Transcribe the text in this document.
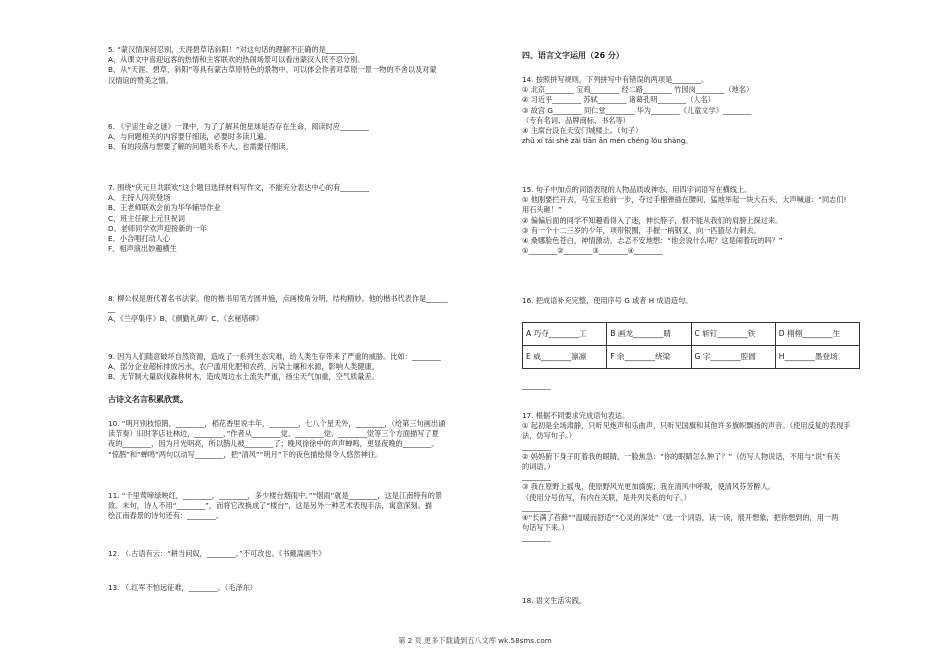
5. “蒙汉情深何忍别，天涯碧草话斜阳！”对这句话的理解不正确的是________
A、从课文中喜迎远客的热情和主客联欢的热闹场景可以看出蒙汉人民不忍分别。
B、从“天涯、碧草、斜阳”等具有蒙古草原特色的景物中，可以体会作者对草原一景一物的不舍以及对蒙
汉情谊的赞美之情。
6. 《宇宙生命之谜》一课中，为了了解其他星球是否存在生命，阅读时应________
A、与问题相关的内容要仔细读，必要时多读几遍。
B、有的段落与想要了解的问题关系不大，也需要仔细读。
7. 围绕“庆元旦共联欢”这个题目选择材料写作文，不能充分表达中心的有________
A、主持人闪亮登场
B、王老师联欢会前为华华辅导作业
C、班主任献上元旦祝词
D、老师同学欢声迎接新的一年
E、小合唱打动人心
F、相声演出妙趣横生
8. 柳公权是唐代著名书法家。他的楷书用笔方圆并施，点画棱角分明，结构精妙。他的楷书代表作是______
__
A、《兰亭集序》B、《颜勤礼碑》C、《玄秘塔碑》
9. 因为人们随意破坏自然资源，造成了一系列生态灾难，给人类生存带来了严重的威胁。比如：________
A、部分企业超标排放污水，农户滥用化肥和农药，污染土壤和水源，影响人类健康。
B、无节制大量砍伐森林树木，造成周边水土流失严重，扬尘天气加重，空气质量差。
古诗文名言积累欣赏。
10. “明月别枝惊鹊，________，稻花香里说丰年，________，七八个星天外，________，（给第三句画出诵
读节奏）旧时茅店社林边，________，”作者从________觉、________觉、________觉等三个方面描写了夏
夜的________，因为月光明亮，所以鹊儿被________了；晚风徐徐中的声声蝉鸣，更显夜晚的________。
“惊鹊”和“蝉鸣”两句以动写________，把“清风”“明月”下的夜色描绘得令人悠然神往。
11. “千里莺啼绿映红，________，________，多少楼台烟雨中。”“烟雨”就是________，这是江南特有的景
致。末句，诗人不用“________”，而将它改换成了“楼台”，这是另外一种艺术表现手法，寓意深刻。描
绘江南春景的诗句还有：________。
12. （.古语有云：“耕当问奴，________。”不可改也。《书戴嵩画牛》
13. （.红军不怕远征难，________。（毛泽东）
四、语言文字运用（26 分）
14. 按照拼写规则，下列拼写中有错误的两项是________。
① 北京________ 宝鸡________ 经二路________ 竹园岗________（地名）
② 习近平________ 苏轼________ 诸葛孔明________（人名）
③ 故宫 G________ 同仁堂________ 华为________《儿童文学》________
（专有名词、品牌商标、书名等）
④ 主席台设在天安门城楼上。（句子）
zhǔ xí tái shè zài tiān ān mén chéng lóu shàng。
15. 句子中加点的词语表现的人物品质或神态，用四字词语写在横线上。
① 他刚要拦开去，马宝玉抢前一步，夺过手榴弹插在腰间，猛地举起一块大石头，大声喊道：“同志们!
用石头砸！”
② 偏偏后面的同学不知趣看得入了迷，伸长脖子，恨不能从我们的肩膀上探过来。
③ 有一个十二三岁的少年，项带银圈，手握一柄钢叉，向一匹猹尽力刺去。
④ 桑娜脸色苍白，神情激动。忐忑不安地想：“他会说什么呢？这是闹着玩的吗？”
①________②________③________④________
16. 把成语补充完整，使用序号 G 或者 H 成语造句。
A 巧夺________工	B 画龙________睛	C 斩钉________铁	D 栩栩________生
E 威________凛凛	F 余________绕梁	G 字________腔圆	H________墨登场
________
17. 根据不同要求完成语句表达。
① 起初是全场肃静，只听见炮声和乐曲声，只听见国旗和其他许多旗帜飘扬的声音。（使用反复的表现手
法，仿写句子。）
________
② 妈妈俯下身子盯着我的眼睛，一脸焦急：“你的眼睛怎么肿了？”（仿写人物说话，不用与“说”有关
的词语。）
________
③ 我在原野上摇曳，使原野风光更加旖旎；我在清风中呼吸，使清风芬芳醉人。
（使用分号仿写，有内在关联，是并列关系的句子。）
________
④“长满了苔藓”“温暖而舒适”“心灵的深处”（选一个词语，读一读，展开想象，把你想到的，用一两
句话写下来。）
________
18. 语文生活实践。
第 2 页 更多下载请到五八文库 wk.58sms.com
